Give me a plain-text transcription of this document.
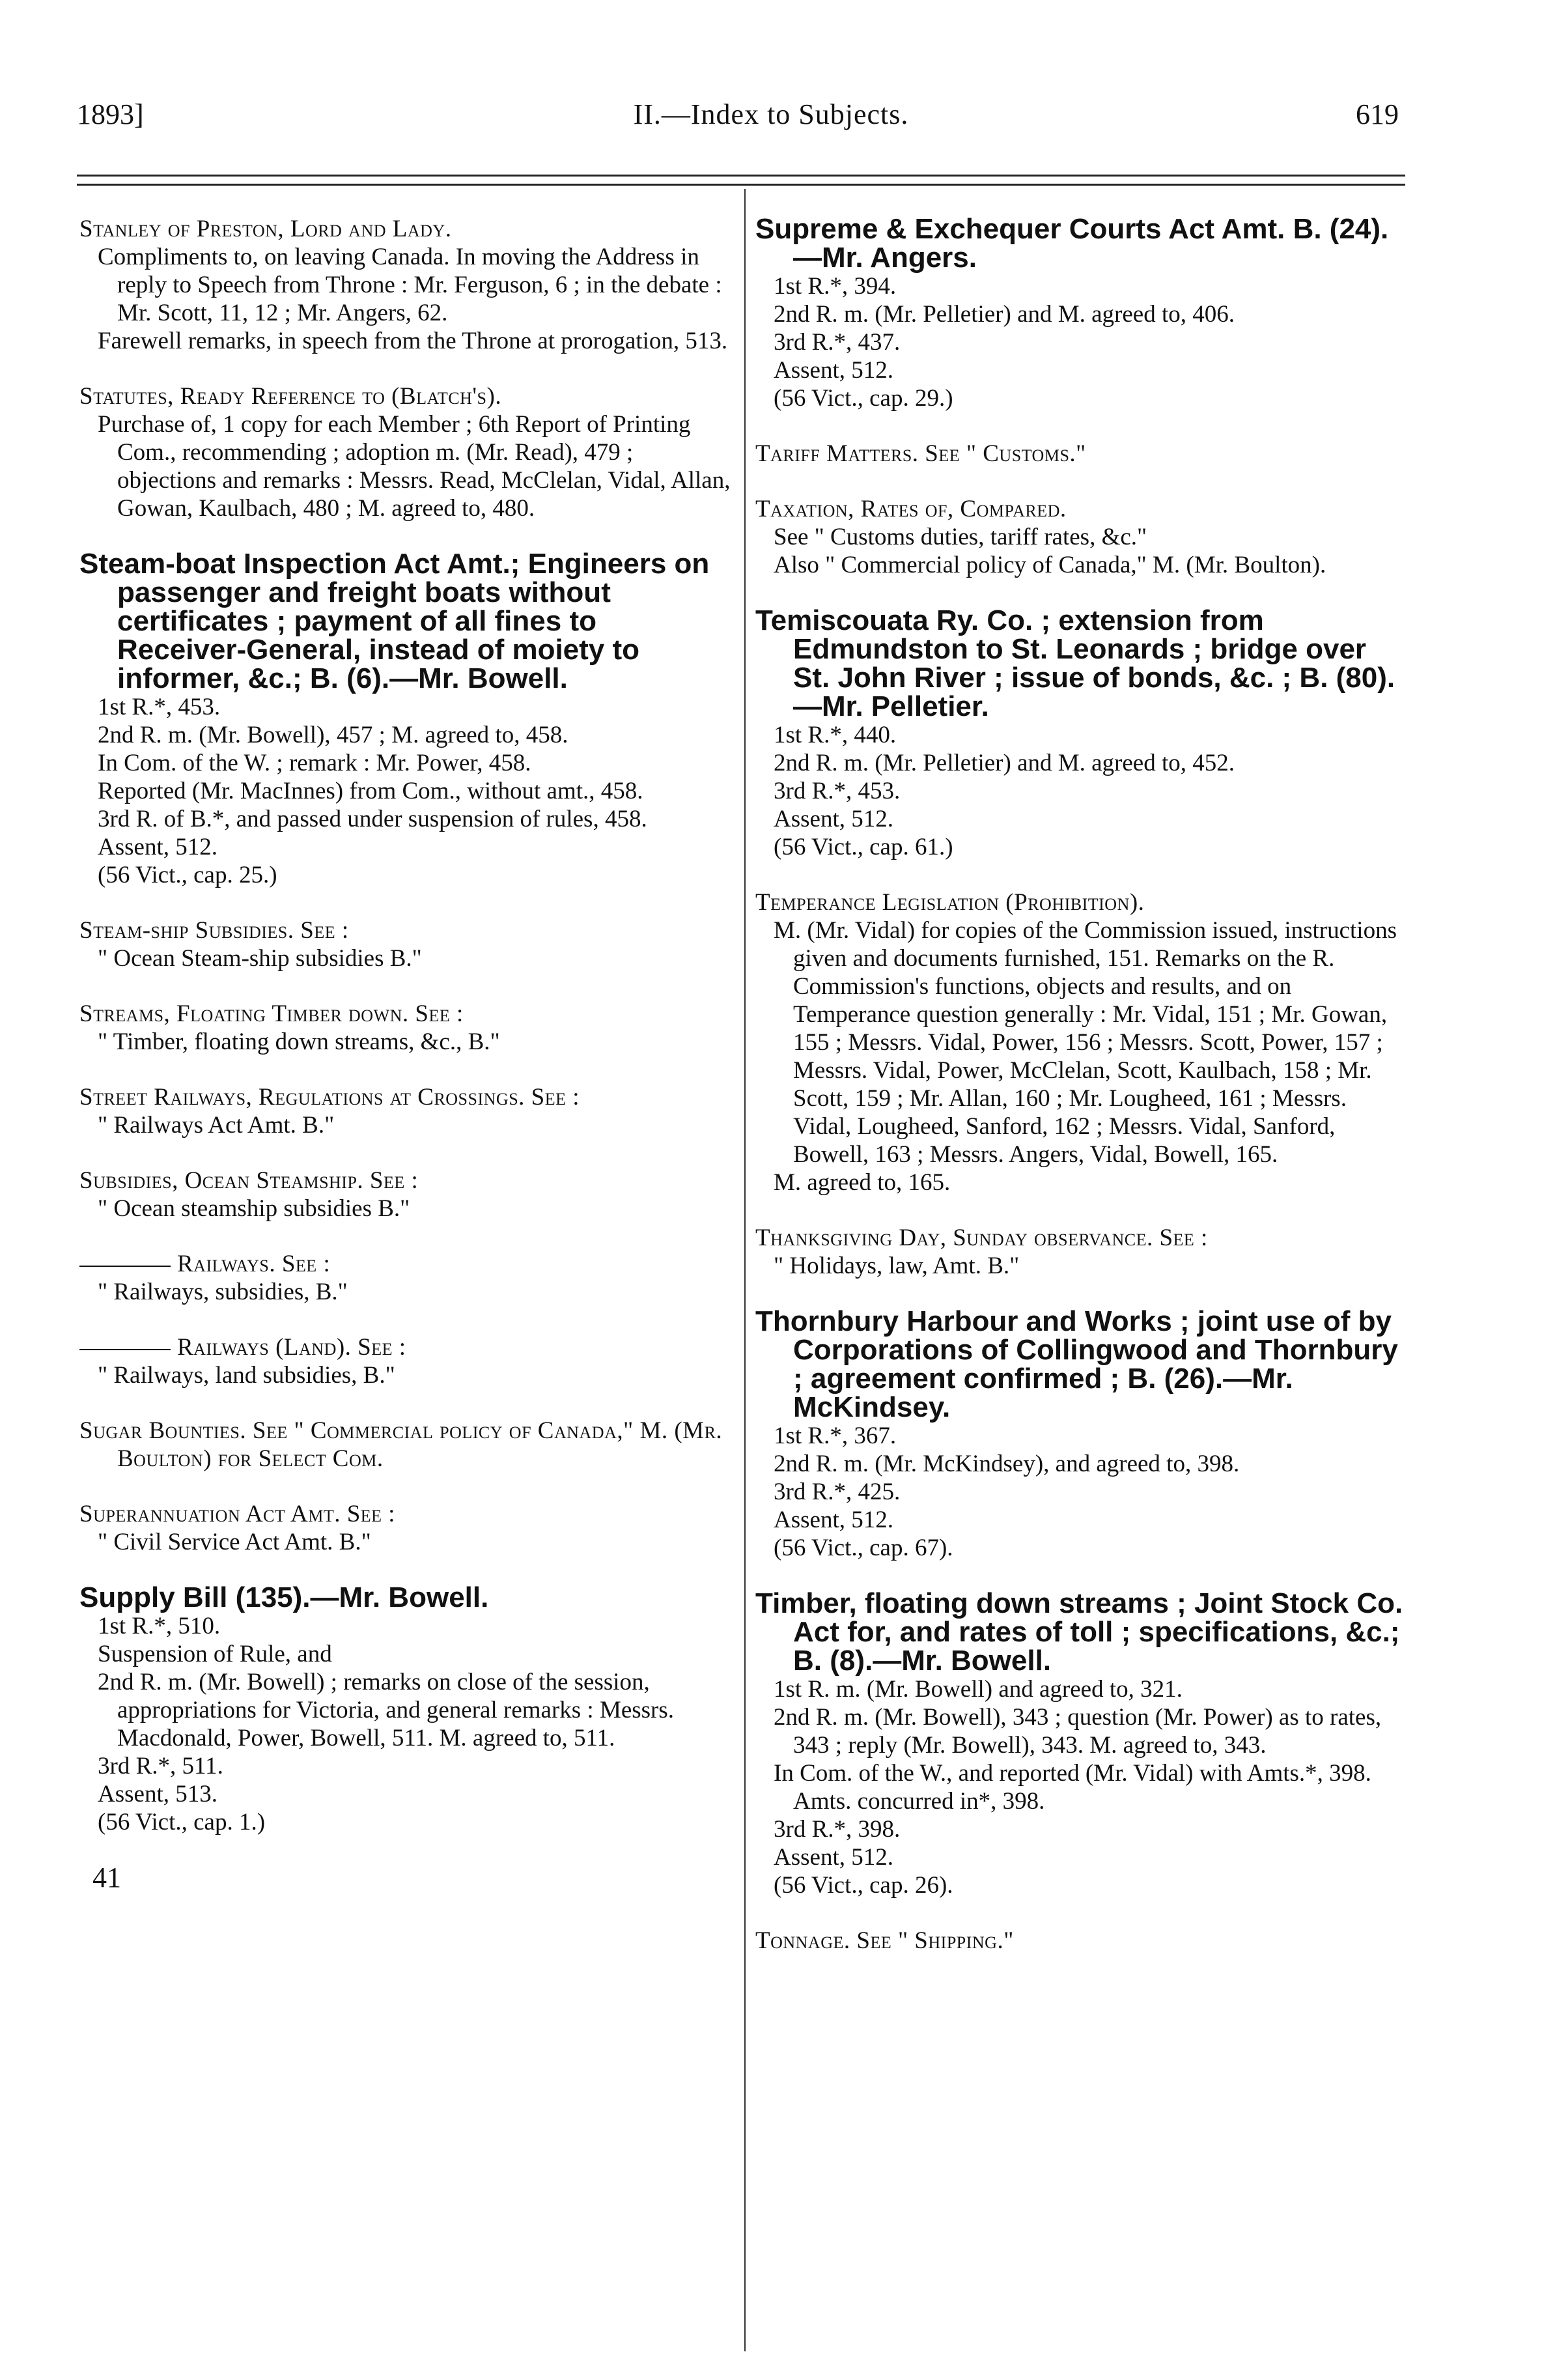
1893]	II.—Index to Subjects.	619
Stanley of Preston, Lord and Lady.
Compliments to, on leaving Canada. In moving the Address in reply to Speech from Throne : Mr. Ferguson, 6 ; in the debate : Mr. Scott, 11, 12 ; Mr. Angers, 62.
Farewell remarks, in speech from the Throne at prorogation, 513.
Statutes, Ready Reference to (Blatch's).
Purchase of, 1 copy for each Member ; 6th Report of Printing Com., recommending ; adoption m. (Mr. Read), 479 ; objections and remarks : Messrs. Read, McClelan, Vidal, Allan, Gowan, Kaulbach, 480 ; M. agreed to, 480.
Steam-boat Inspection Act Amt.; Engineers on passenger and freight boats without certificates ; payment of all fines to Receiver-General, instead of moiety to informer, &c.; B. (6).—Mr. Bowell.
1st R.*, 453.
2nd R. m. (Mr. Bowell), 457 ; M. agreed to, 458.
In Com. of the W. ; remark : Mr. Power, 458.
Reported (Mr. MacInnes) from Com., without amt., 458.
3rd R. of B.*, and passed under suspension of rules, 458.
Assent, 512.
(56 Vict., cap. 25.)
Steam-ship Subsidies. See :
" Ocean Steam-ship subsidies B."
Streams, Floating Timber down. See :
" Timber, floating down streams, &c., B."
Street Railways, Regulations at Crossings. See :
" Railways Act Amt. B."
Subsidies, Ocean Steamship. See :
" Ocean steamship subsidies B."
Railways. See :
" Railways, subsidies, B."
Railways (Land). See :
" Railways, land subsidies, B."
Sugar Bounties. See " Commercial policy of Canada," M. (Mr. Boulton) for Select Com.
Superannuation Act Amt. See :
" Civil Service Act Amt. B."
Supply Bill (135).—Mr. Bowell.
1st R.*, 510.
Suspension of Rule, and
2nd R. m. (Mr. Bowell) ; remarks on close of the session, appropriations for Victoria, and general remarks : Messrs. Macdonald, Power, Bowell, 511. M. agreed to, 511.
3rd R.*, 511.
Assent, 513.
(56 Vict., cap. 1.)
41
Supreme & Exchequer Courts Act Amt. B. (24).—Mr. Angers.
1st R.*, 394.
2nd R. m. (Mr. Pelletier) and M. agreed to, 406.
3rd R.*, 437.
Assent, 512.
(56 Vict., cap. 29.)
Tariff Matters. See " Customs."
Taxation, Rates of, Compared.
See " Customs duties, tariff rates, &c."
Also " Commercial policy of Canada," M. (Mr. Boulton).
Temiscouata Ry. Co. ; extension from Edmundston to St. Leonards ; bridge over St. John River ; issue of bonds, &c. ; B. (80).—Mr. Pelletier.
1st R.*, 440.
2nd R. m. (Mr. Pelletier) and M. agreed to, 452.
3rd R.*, 453.
Assent, 512.
(56 Vict., cap. 61.)
Temperance Legislation (Prohibition).
M. (Mr. Vidal) for copies of the Commission issued, instructions given and documents furnished, 151. Remarks on the R. Commission's functions, objects and results, and on Temperance question generally : Mr. Vidal, 151 ; Mr. Gowan, 155 ; Messrs. Vidal, Power, 156 ; Messrs. Scott, Power, 157 ; Messrs. Vidal, Power, McClelan, Scott, Kaulbach, 158 ; Mr. Scott, 159 ; Mr. Allan, 160 ; Mr. Lougheed, 161 ; Messrs. Vidal, Lougheed, Sanford, 162 ; Messrs. Vidal, Sanford, Bowell, 163 ; Messrs. Angers, Vidal, Bowell, 165.
M. agreed to, 165.
Thanksgiving Day, Sunday observance. See :
" Holidays, law, Amt. B."
Thornbury Harbour and Works ; joint use of by Corporations of Collingwood and Thornbury ; agreement confirmed ; B. (26).—Mr. McKindsey.
1st R.*, 367.
2nd R. m. (Mr. McKindsey), and agreed to, 398.
3rd R.*, 425.
Assent, 512.
(56 Vict., cap. 67).
Timber, floating down streams ; Joint Stock Co. Act for, and rates of toll ; specifications, &c.; B. (8).—Mr. Bowell.
1st R. m. (Mr. Bowell) and agreed to, 321.
2nd R. m. (Mr. Bowell), 343 ; question (Mr. Power) as to rates, 343 ; reply (Mr. Bowell), 343. M. agreed to, 343.
In Com. of the W., and reported (Mr. Vidal) with Amts.*, 398. Amts. concurred in*, 398.
3rd R.*, 398.
Assent, 512.
(56 Vict., cap. 26).
Tonnage. See " Shipping."
